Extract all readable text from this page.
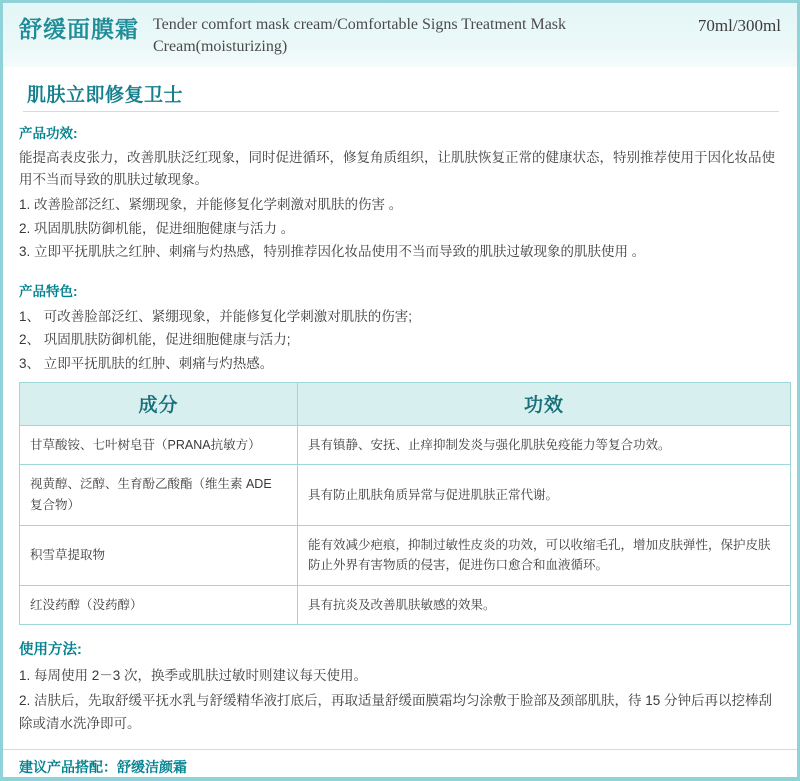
舒缓面膜霜 Tender comfort mask cream/Comfortable Signs Treatment Mask Cream(moisturizing)
70ml/300ml
肌肤立即修复卫士
产品功效:

能提高表皮张力，改善肌肤泛红现象，同时促进循环，修复角质组织，让肌肤恢复正常的健康状态，特别推荐使用于因化妆品使用不当而导致的肌肤过敏现象。

1. 改善脸部泛红、紧绷现象，并能修复化学刺激对肌肤的伤害 。

2. 巩固肌肤防御机能，促进细胞健康与活力 。

3. 立即平抚肌肤之红肿、刺痛与灼热感，特别推荐因化妆品使用不当而导致的肌肤过敏现象的肌肤使用 。

产品特色:

1、 可改善脸部泛红、紧绷现象，并能修复化学刺激对肌肤的伤害;

2、 巩固肌肤防御机能，促进细胞健康与活力;

3、 立即平抚肌肤的红肿、刺痛与灼热感。

成分	功效
甘草酸铵、七叶树皂苷（PRANA抗敏方）	具有镇静、安抚、止痒抑制发炎与强化肌肤免疫能力等复合功效。
视黄醇、泛醇、生育酚乙酸酯（维生素 ADE 复合物）	具有防止肌肤角质异常与促进肌肤正常代谢。
积雪草提取物	能有效减少疤痕，抑制过敏性皮炎的功效，可以收缩毛孔，增加皮肤弹性，保护皮肤防止外界有害物质的侵害，促进伤口愈合和血液循环。
红没药醇（没药醇）	具有抗炎及改善肌肤敏感的效果。
使用方法:

1. 每周使用 2－3 次，换季或肌肤过敏时则建议每天使用。

2. 洁肤后，先取舒缓平抚水乳与舒缓精华液打底后，再取适量舒缓面膜霜均匀涂敷于脸部及颈部肌肤，待 15 分钟后再以挖棒刮除或清水洗净即可。

建议产品搭配：舒缓洁颜霜
